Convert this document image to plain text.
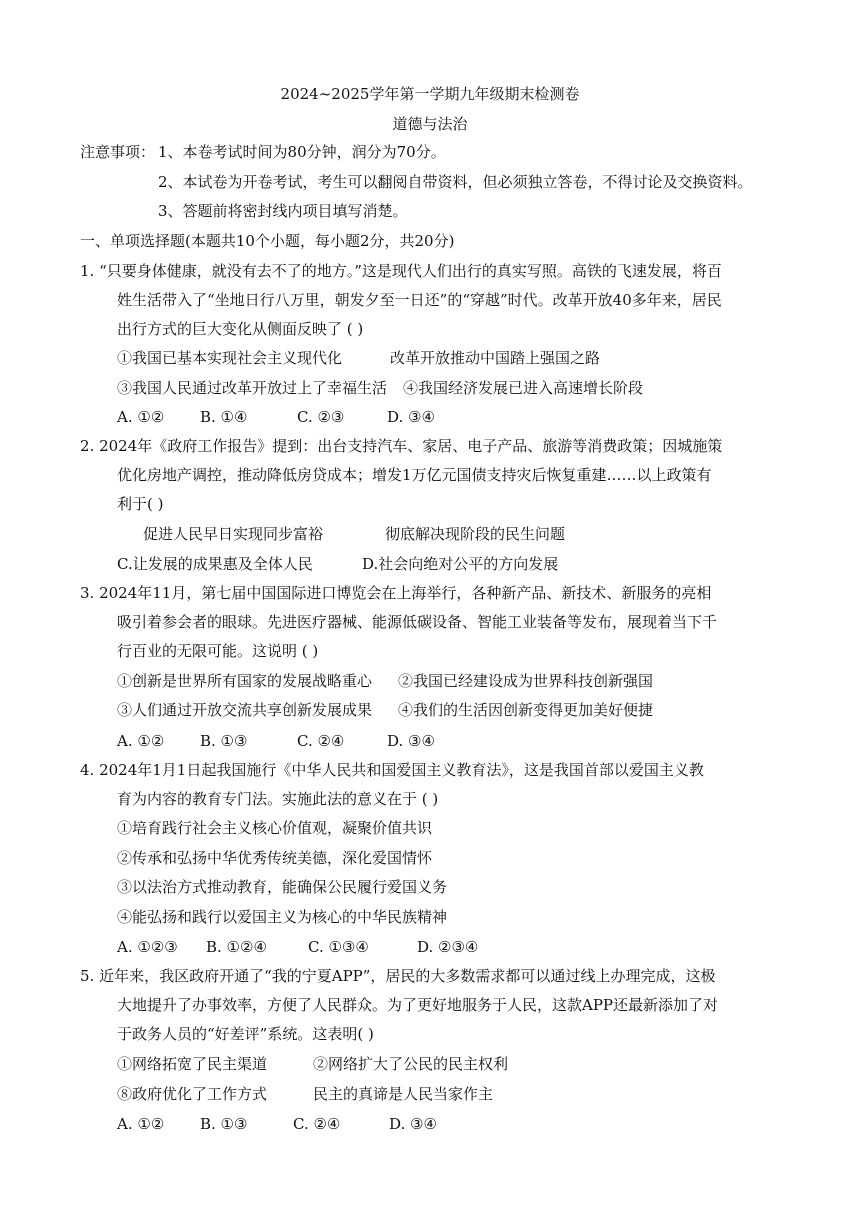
2024~2025学年第一学期九年级期末检测卷
道德与法治
注意事项： 1、本卷考试时间为80分钟，润分为70分。
2、本试卷为开卷考试，考生可以翻阅自带资料，但必须独立答卷，不得讨论及交换资料。
3、答题前将密封线内项目填写消楚。
一、单项选择题(本题共10个小题，每小题2分，共20分)
1. “只要身体健康，就没有去不了的地方。”这是现代人们出行的真实写照。高铁的飞速发展，将百
姓生活带入了“坐地日行八万里，朝发夕至一日还”的“穿越”时代。改革开放40多年来，居民
出行方式的巨大变化从侧面反映了 ( )
①我国已基本实现社会主义现代化	改革开放推动中国踏上强国之路
③我国人民通过改革开放过上了幸福生活 ④我国经济发展已进入高速增长阶段
A. ①② B. ①④	C. ②③	D. ③④
2. 2024年《政府工作报告》提到：出台支持汽车、家居、电子产品、旅游等消费政策；因城施策
优化房地产调控，推动降低房贷成本；增发1万亿元国债支持灾后恢复重建……以上政策有
利于( )
促进人民早日实现同步富裕	彻底解决现阶段的民生问题
C.让发展的成果惠及全体人民	D.社会向绝对公平的方向发展
3. 2024年11月，第七届中国国际进口博览会在上海举行，各种新产品、新技术、新服务的亮相
吸引着参会者的眼球。先进医疗器械、能源低碳设备、智能工业装备等发布，展现着当下千
行百业的无限可能。这说明 ( )
①创新是世界所有国家的发展战略重心 ②我国已经建设成为世界科技创新强国
③人们通过开放交流共享创新发展成果 ④我们的生活因创新变得更加美好便捷
A. ①② B. ①③	C. ②④	D. ③④
4. 2024年1月1日起我国施行《中华人民共和国爱国主义教育法》，这是我国首部以爱国主义教
育为内容的教育专门法。实施此法的意义在于 ( )
①培育践行社会主义核心价值观，凝聚价值共识
②传承和弘扬中华优秀传统美德，深化爱国情怀
③以法治方式推动教育，能确保公民履行爱国义务
④能弘扬和践行以爱国主义为核心的中华民族精神
A. ①②③ B. ①②④	C. ①③④	D. ②③④
5. 近年来，我区政府开通了“我的宁夏APP”，居民的大多数需求都可以通过线上办理完成，这极
大地提升了办事效率，方便了人民群众。为了更好地服务于人民，这款APP还最新添加了对
于政务人员的“好差评”系统。这表明( )
①网络拓宽了民主渠道	②网络扩大了公民的民主权利
⑧政府优化了工作方式	民主的真谛是人民当家作主
A. ①② B. ①③	C. ②④	D. ③④
